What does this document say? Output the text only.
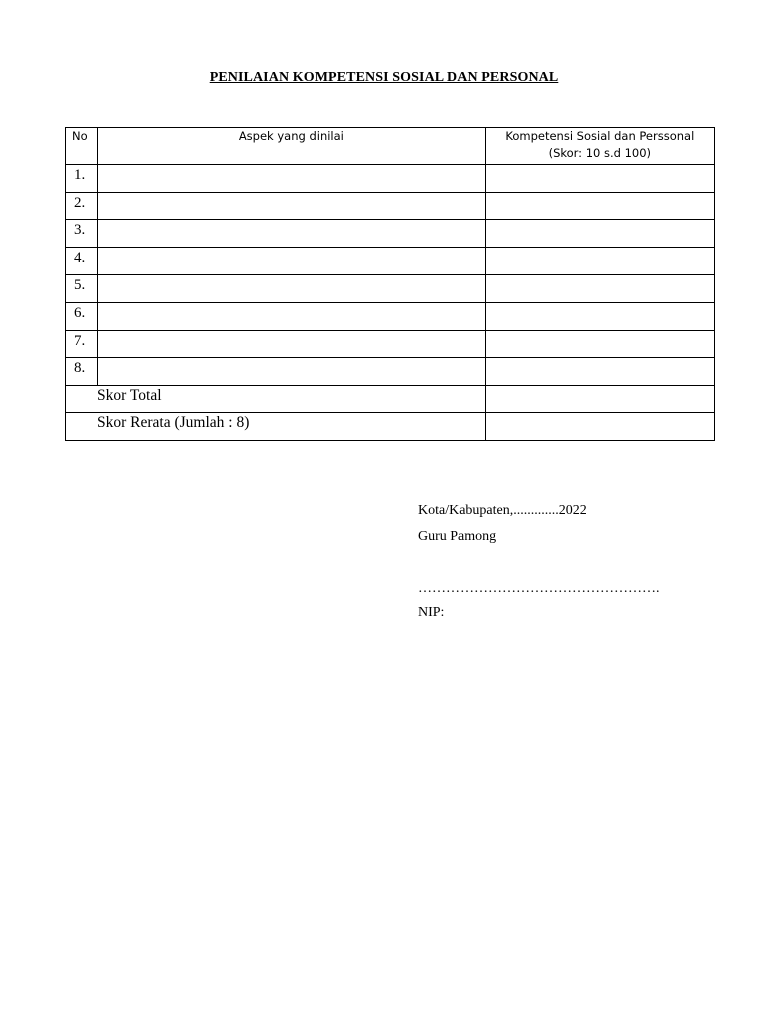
PENILAIAN KOMPETENSI SOSIAL DAN PERSONAL
No	Aspek yang dinilai	Kompetensi Sosial dan Perssonal
(Skor: 10 s.d 100)

1.		
2.		
3.		
4.		
5.		
6.		
7.		
8.		
Skor Total		
Skor Rerata (Jumlah : 8)		
Kota/Kabupaten,.............2022
Guru Pamong
…………………………………………….
NIP:
